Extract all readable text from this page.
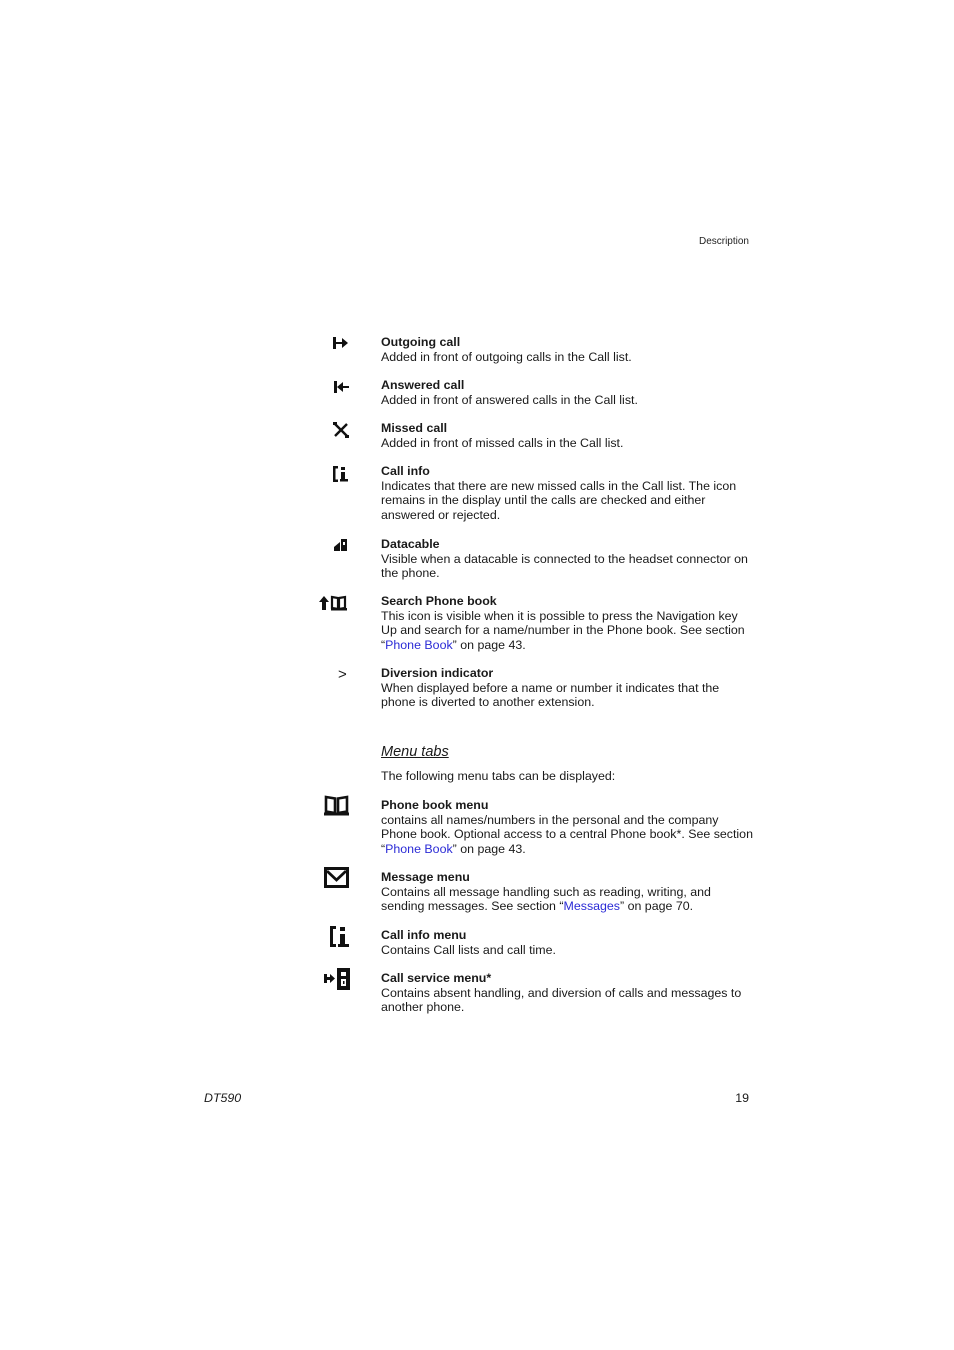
Description
Outgoing call
Added in front of outgoing calls in the Call list.
Answered call
Added in front of answered calls in the Call list.
Missed call
Added in front of missed calls in the Call list.
Call info
Indicates that there are new missed calls in the Call list. The icon remains in the display until the calls are checked and either answered or rejected.
Datacable
Visible when a datacable is connected to the headset connector on the phone.
Search Phone book
This icon is visible when it is possible to press the Navigation key Up and search for a name/number in the Phone book. See section “Phone Book” on page 43.
>	Diversion indicator
When displayed before a name or number it indicates that the phone is diverted to another extension.
Menu tabs
The following menu tabs can be displayed:
Phone book menu
contains all names/numbers in the personal and the company Phone book. Optional access to a central Phone book*. See section “Phone Book” on page 43.
Message menu
Contains all message handling such as reading, writing, and sending messages. See section “Messages” on page 70.
Call info menu
Contains Call lists and call time.
Call service menu*
Contains absent handling, and diversion of calls and messages to another phone.
DT590	19
